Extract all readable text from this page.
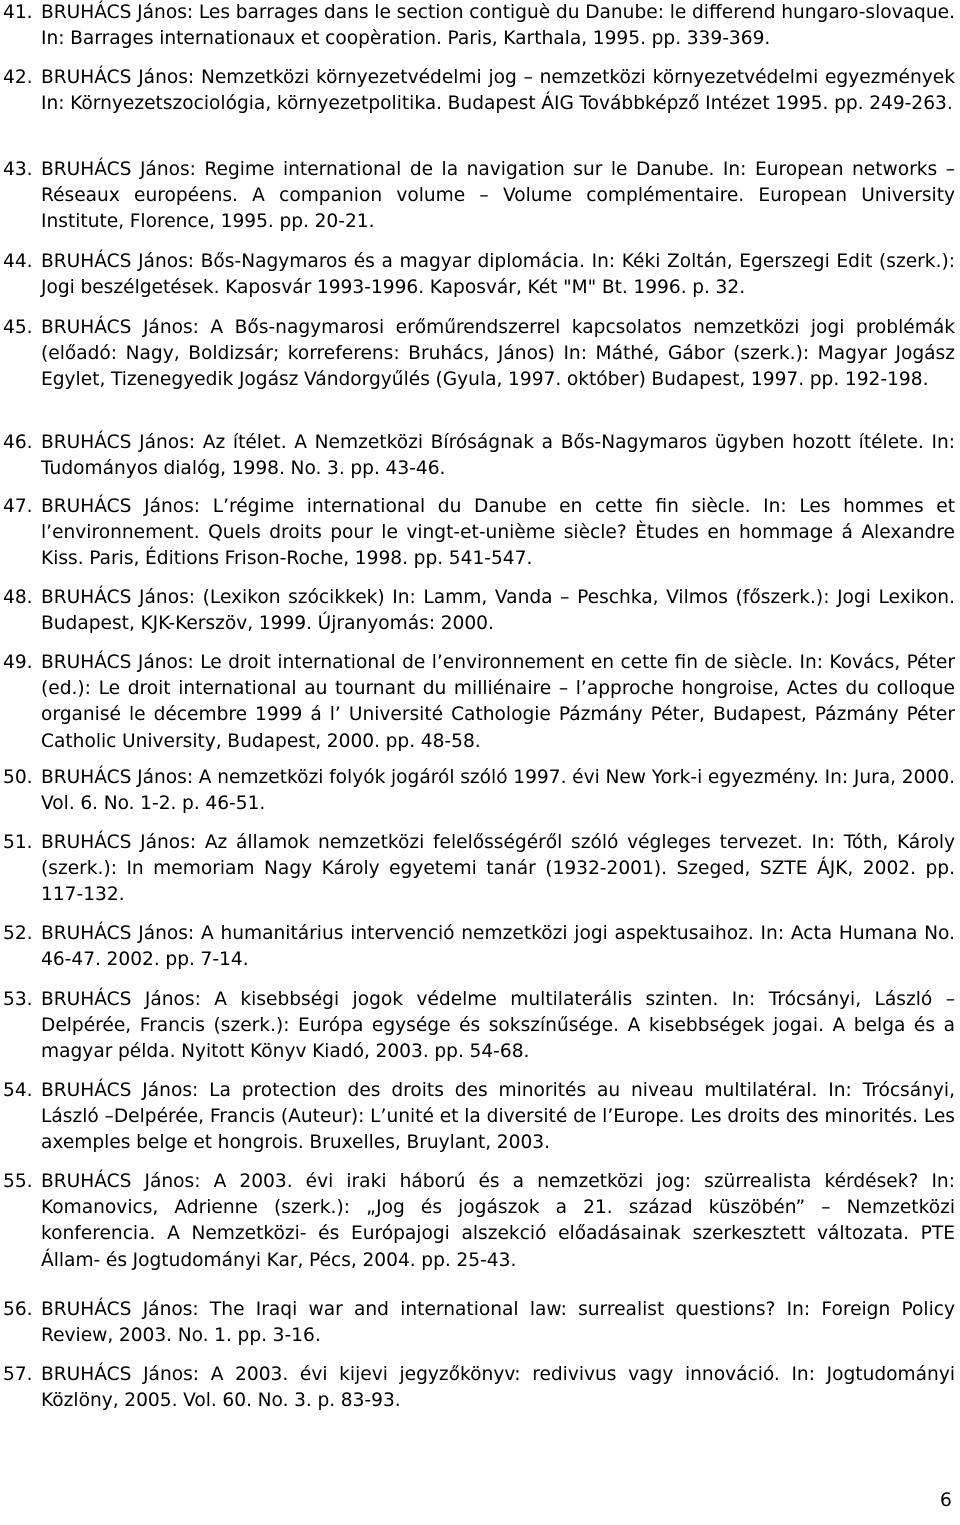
41. BRUHÁCS János: Les barrages dans le section contiguè du Danube: le differend hungaro-slovaque. In: Barrages internationaux et coopèration. Paris, Karthala, 1995. pp. 339-369.
42. BRUHÁCS János: Nemzetközi környezetvédelmi jog – nemzetközi környezetvédelmi egyezmények In: Környezetszociológia, környezetpolitika. Budapest ÁIG Továbbképző Intézet 1995. pp. 249-263.
43. BRUHÁCS János: Regime international de la navigation sur le Danube. In: European networks – Réseaux européens. A companion volume – Volume complémentaire. European University Institute, Florence, 1995. pp. 20-21.
44. BRUHÁCS János: Bős-Nagymaros és a magyar diplomácia. In: Kéki Zoltán, Egerszegi Edit (szerk.): Jogi beszélgetések. Kaposvár 1993-1996. Kaposvár, Két "M" Bt. 1996. p. 32.
45. BRUHÁCS János: A Bős-nagymarosi erőműrendszerrel kapcsolatos nemzetközi jogi problémák (előadó: Nagy, Boldizsár; korreferens: Bruhács, János) In: Máthé, Gábor (szerk.): Magyar Jogász Egylet, Tizenegyedik Jogász Vándorgyűlés (Gyula, 1997. október) Budapest, 1997. pp. 192-198.
46. BRUHÁCS János: Az ítélet. A Nemzetközi Bíróságnak a Bős-Nagymaros ügyben hozott ítélete. In: Tudományos dialóg, 1998. No. 3. pp. 43-46.
47. BRUHÁCS János: L’régime international du Danube en cette fin siècle. In: Les hommes et l’environnement. Quels droits pour le vingt-et-unième siècle? Ètudes en hommage á Alexandre Kiss. Paris, Éditions Frison-Roche, 1998. pp. 541-547.
48. BRUHÁCS János: (Lexikon szócikkek) In: Lamm, Vanda – Peschka, Vilmos (főszerk.): Jogi Lexikon. Budapest, KJK-Kerszöv, 1999. Újranyomás: 2000.
49. BRUHÁCS János: Le droit international de l’environnement en cette fin de siècle. In: Kovács, Péter (ed.): Le droit international au tournant du milliénaire – l’approche hongroise, Actes du colloque organisé le décembre 1999 á l’ Université Cathologie Pázmány Péter, Budapest, Pázmány Péter Catholic University, Budapest, 2000. pp. 48-58.
50. BRUHÁCS János: A nemzetközi folyók jogáról szóló 1997. évi New York-i egyezmény. In: Jura, 2000. Vol. 6. No. 1-2. p. 46-51.
51. BRUHÁCS János: Az államok nemzetközi felelősségéről szóló végleges tervezet. In: Tóth, Károly (szerk.): In memoriam Nagy Károly egyetemi tanár (1932-2001). Szeged, SZTE ÁJK, 2002. pp. 117-132.
52. BRUHÁCS János: A humanitárius intervenció nemzetközi jogi aspektusaihoz. In: Acta Humana No. 46-47. 2002. pp. 7-14.
53. BRUHÁCS János: A kisebbségi jogok védelme multilaterális szinten. In: Trócsányi, László – Delpérée, Francis (szerk.): Európa egysége és sokszínűsége. A kisebbségek jogai. A belga és a magyar példa. Nyitott Könyv Kiadó, 2003. pp. 54-68.
54. BRUHÁCS János: La protection des droits des minorités au niveau multilatéral. In: Trócsányi, László –Delpérée, Francis (Auteur): L’unité et la diversité de l’Europe. Les droits des minorités. Les axemples belge et hongrois. Bruxelles, Bruylant, 2003.
55. BRUHÁCS János: A 2003. évi iraki háború és a nemzetközi jog: szürrealista kérdések? In: Komanovics, Adrienne (szerk.): „Jog és jogászok a 21. század küszöbén” – Nemzetközi konferencia. A Nemzetközi- és Európajogi alszekció előadásainak szerkesztett változata. PTE Állam- és Jogtudományi Kar, Pécs, 2004. pp. 25-43.
56. BRUHÁCS János: The Iraqi war and international law: surrealist questions? In: Foreign Policy Review, 2003. No. 1. pp. 3-16.
57. BRUHÁCS János: A 2003. évi kijevi jegyzőkönyv: redivivus vagy innováció. In: Jogtudományi Közlöny, 2005. Vol. 60. No. 3. p. 83-93.
6
